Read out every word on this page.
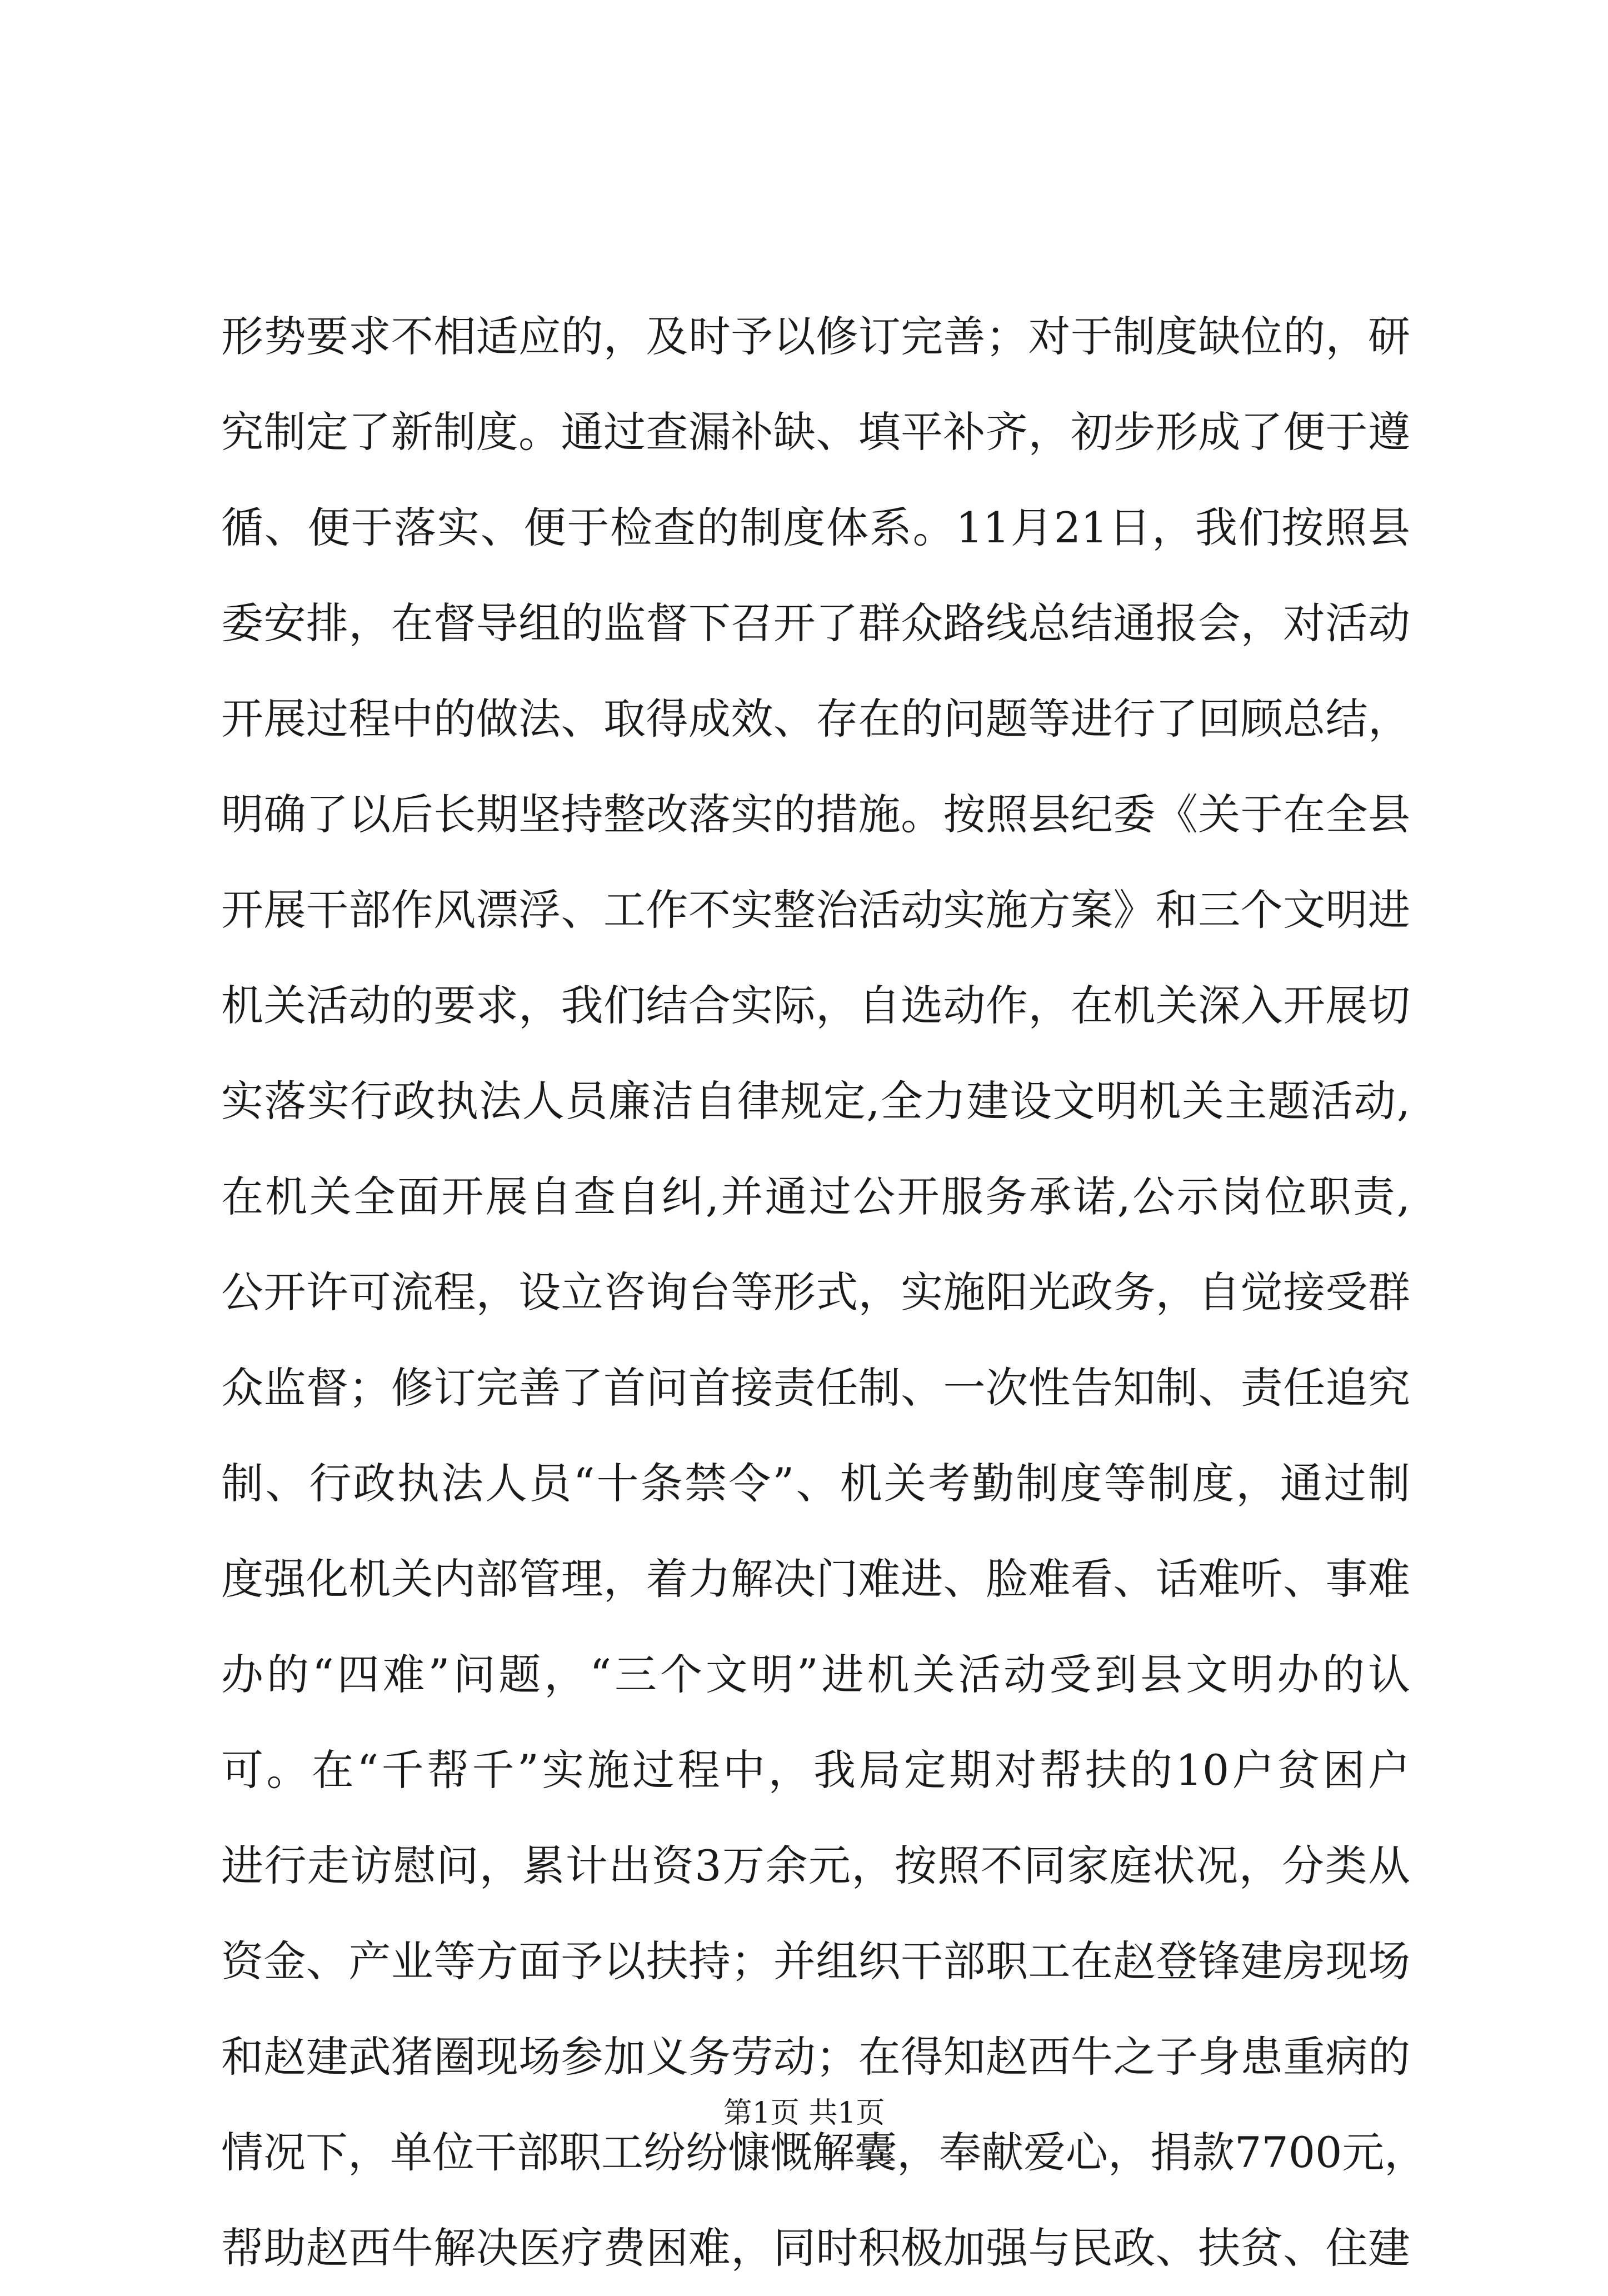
形势要求不相适应的，及时予以修订完善；对于制度缺位的，研
究制定了新制度。通过查漏补缺、填平补齐，初步形成了便于遵
循、便于落实、便于检查的制度体系。11月21日，我们按照县
委安排，在督导组的监督下召开了群众路线总结通报会，对活动
开展过程中的做法、取得成效、存在的问题等进行了回顾总结，
明确了以后长期坚持整改落实的措施。按照县纪委《关于在全县
开展干部作风漂浮、工作不实整治活动实施方案》和三个文明进
机关活动的要求，我们结合实际，自选动作，在机关深入开展切
实落实行政执法人员廉洁自律规定,全力建设文明机关主题活动,
在机关全面开展自查自纠,并通过公开服务承诺,公示岗位职责,
公开许可流程，设立咨询台等形式，实施阳光政务，自觉接受群
众监督；修订完善了首问首接责任制、一次性告知制、责任追究
制、行政执法人员“十条禁令”、机关考勤制度等制度，通过制
度强化机关内部管理，着力解决门难进、脸难看、话难听、事难
办的“四难”问题，“三个文明”进机关活动受到县文明办的认
可。在“千帮千”实施过程中，我局定期对帮扶的10户贫困户
进行走访慰问，累计出资3万余元，按照不同家庭状况，分类从
资金、产业等方面予以扶持；并组织干部职工在赵登锋建房现场
和赵建武猪圈现场参加义务劳动；在得知赵西牛之子身患重病的
情况下，单位干部职工纷纷慷慨解囊，奉献爱心，捐款7700元，
帮助赵西牛解决医疗费困难，同时积极加强与民政、扶贫、住建
第1页 共1页
